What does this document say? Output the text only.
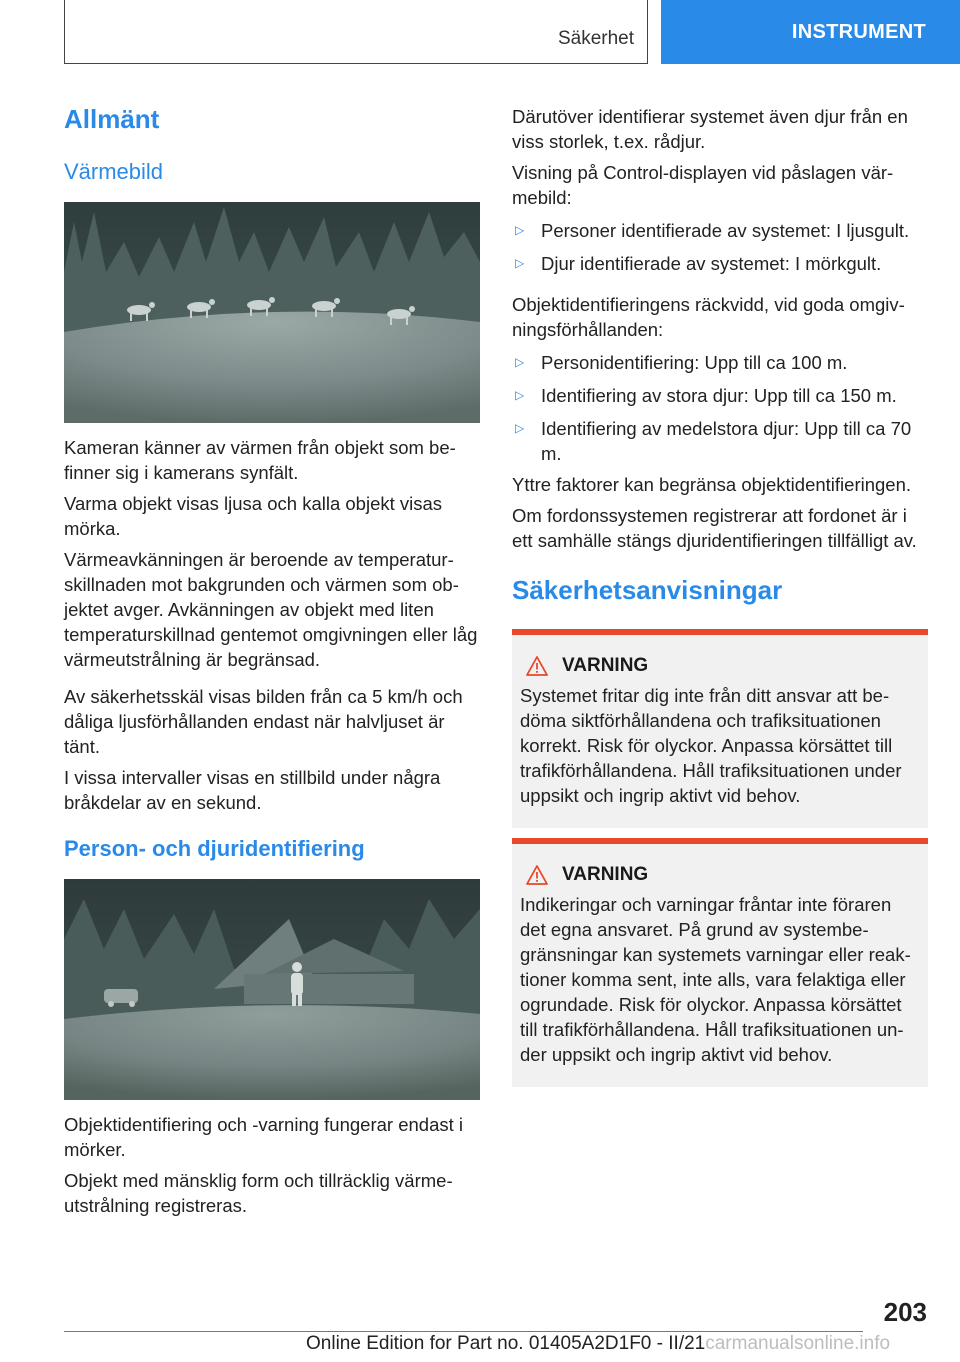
Säkerhet	INSTRUMENT
Allmänt
Värmebild

Kameran känner av värmen från objekt som befinner sig i kamerans synfält.

Varma objekt visas ljusa och kalla objekt visas mörka.

Värmeavkänningen är beroende av temperaturskillnaden mot bakgrunden och värmen som objektet avger. Avkänningen av objekt med liten temperaturskillnad gentemot omgivningen eller låg värmeutstrålning är begränsad.

Av säkerhetsskäl visas bilden från ca 5 km/h och dåliga ljusförhållanden endast när halvljuset är tänt.

I vissa intervaller visas en stillbild under några bråkdelar av en sekund.

Person- och djuridentifiering

Objektidentifiering och -varning fungerar endast i mörker.

Objekt med mänsklig form och tillräcklig värmeutstrålning registreras.

Därutöver identifierar systemet även djur från en viss storlek, t.ex. rådjur.

Visning på Control-displayen vid påslagen värmebild:

▷ Personer identifierade av systemet: I ljusgult.
▷ Djur identifierade av systemet: I mörkgult.

Objektidentifieringens räckvidd, vid goda omgivningsförhållanden:

▷ Personidentifiering: Upp till ca 100 m.
▷ Identifiering av stora djur: Upp till ca 150 m.
▷ Identifiering av medelstora djur: Upp till ca 70 m.

Yttre faktorer kan begränsa objektidentifieringen.

Om fordonssystemen registrerar att fordonet är i ett samhälle stängs djuridentifieringen tillfälligt av.

Säkerhetsanvisningar
VARNING

Systemet fritar dig inte från ditt ansvar att bedöma siktförhållandena och trafiksituationen korrekt. Risk för olyckor. Anpassa körsättet till trafikförhållandena. Håll trafiksituationen under uppsikt och ingrip aktivt vid behov.

VARNING

Indikeringar och varningar fråntar inte föraren det egna ansvaret. På grund av systembegränsningar kan systemets varningar eller reaktioner komma sent, inte alls, vara felaktiga eller ogrundade. Risk för olyckor. Anpassa körsättet till trafikförhållandena. Håll trafiksituationen under uppsikt och ingrip aktivt vid behov.

203
Online Edition for Part no. 01405A2D1F0 - II/21carmanualsonline.info
